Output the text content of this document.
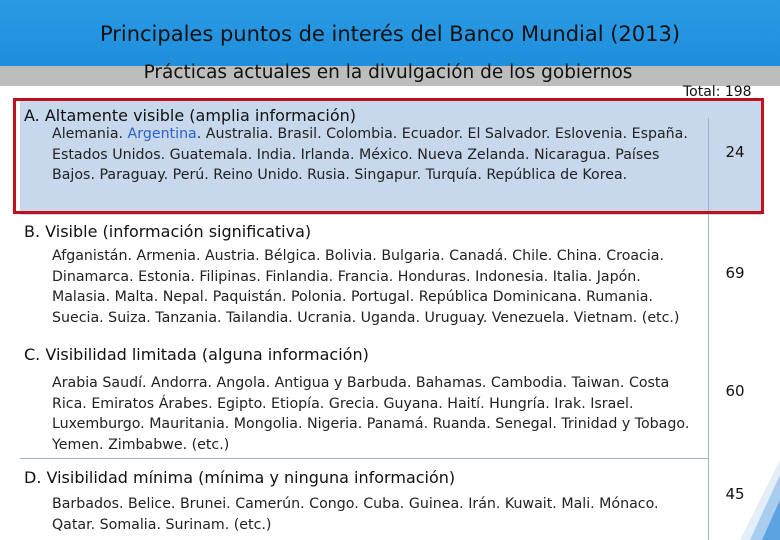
Principales puntos de interés del Banco Mundial (2013)
Prácticas actuales en la divulgación de los gobiernos
Total: 198
A. Altamente visible (amplia información)
Alemania. Argentina. Australia. Brasil. Colombia. Ecuador. El Salvador. Eslovenia. España. Estados Unidos. Guatemala. India. Irlanda. México. Nueva Zelanda. Nicaragua. Países Bajos. Paraguay. Perú. Reino Unido. Rusia. Singapur. Turquía. República de Korea.
24
B. Visible (información significativa)
Afganistán. Armenia. Austria. Bélgica. Bolivia. Bulgaria. Canadá. Chile. China. Croacia. Dinamarca. Estonia. Filipinas. Finlandia. Francia. Honduras. Indonesia. Italia. Japón. Malasia. Malta. Nepal. Paquistán. Polonia. Portugal. República Dominicana. Rumania. Suecia. Suiza. Tanzania. Tailandia. Ucrania. Uganda. Uruguay. Venezuela. Vietnam. (etc.)
69
C. Visibilidad limitada (alguna información)
Arabia Saudí. Andorra. Angola. Antigua y Barbuda. Bahamas. Cambodia. Taiwan. Costa Rica. Emiratos Árabes. Egipto. Etiopía. Grecia. Guyana. Haití. Hungría. Irak. Israel. Luxemburgo. Mauritania. Mongolia. Nigeria. Panamá. Ruanda. Senegal. Trinidad y Tobago. Yemen. Zimbabwe. (etc.)
60
D. Visibilidad mínima (mínima y ninguna información)
Barbados. Belice. Brunei. Camerún. Congo. Cuba. Guinea. Irán. Kuwait. Mali. Mónaco. Qatar. Somalia. Surinam. (etc.)
45
